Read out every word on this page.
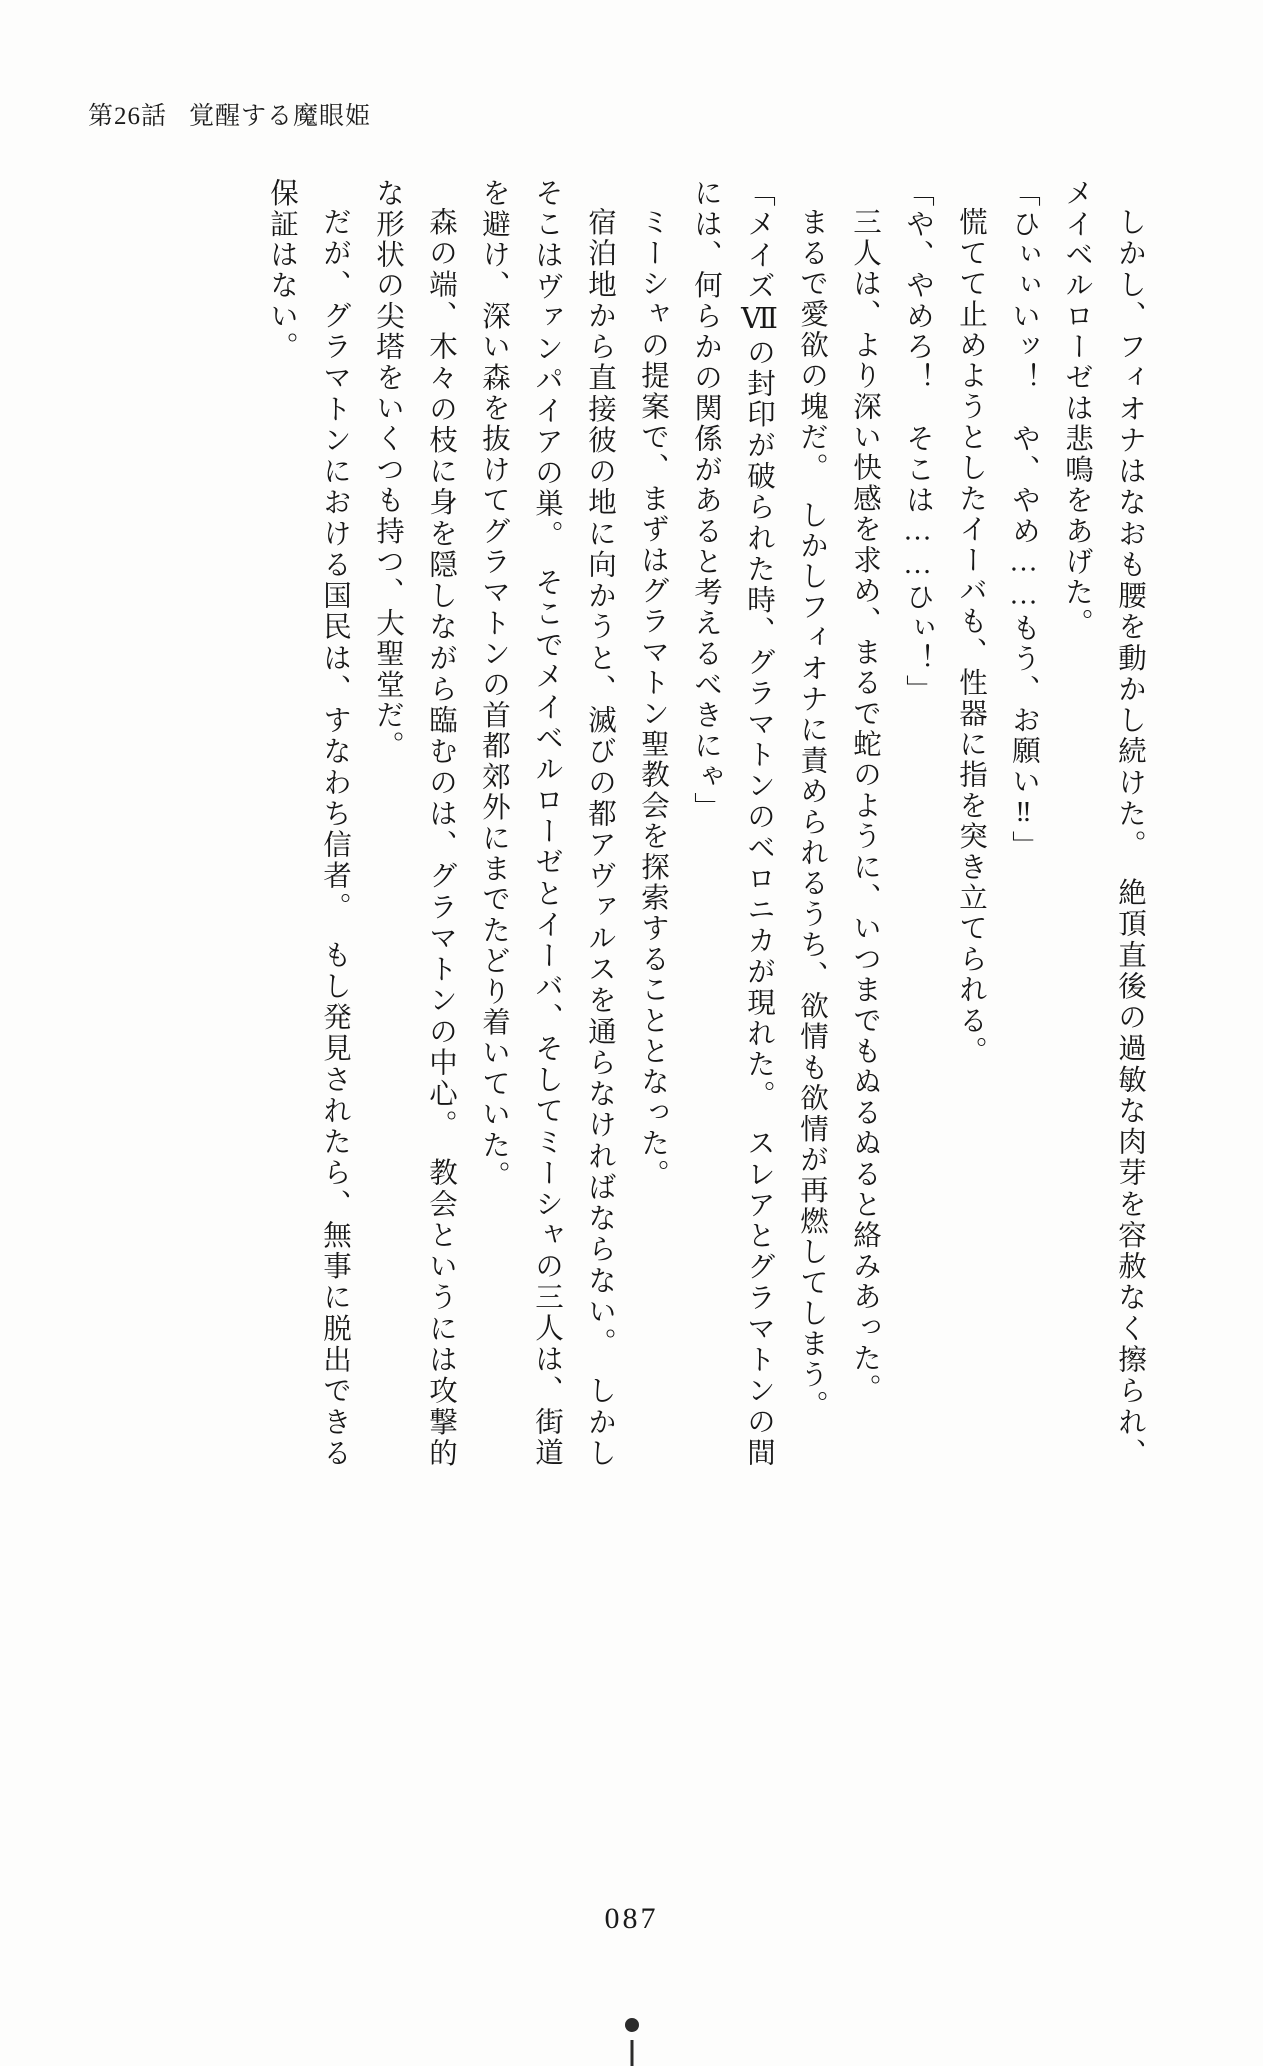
第26話 覚醒する魔眼姫

しかし、フィオナはなおも腰を動かし続けた。　絶頂直後の過敏な肉芽を容赦なく擦られ、メイベルローゼは悲鳴をあげた。

「ひぃぃいッ！　や、やめ……もう、お願い‼」

慌てて止めようとしたイーバも、性器に指を突き立てられる。

「や、やめろ！　そこは……ひぃ！」

三人は、より深い快感を求め、まるで蛇のように、いつまでもぬるぬると絡みあった。

まるで愛欲の塊だ。　しかしフィオナに責められるうち、欲情も欲情が再燃してしまう。

「メイズⅦの封印が破られた時、グラマトンのベロニカが現れた。　スレアとグラマトンの間には、何らかの関係があると考えるべきにゃ」

ミーシャの提案で、まずはグラマトン聖教会を探索することとなった。

宿泊地から直接彼の地に向かうと、滅びの都アヴァルスを通らなければならない。　しかしそこはヴァンパイアの巣。　そこでメイベルローゼとイーバ、そしてミーシャの三人は、街道を避け、深い森を抜けてグラマトンの首都郊外にまでたどり着いていた。

森の端、木々の枝に身を隠しながら臨むのは、グラマトンの中心。　教会というには攻撃的な形状の尖塔をいくつも持つ、大聖堂だ。

だが、グラマトンにおける国民は、すなわち信者。　もし発見されたら、無事に脱出できる保証はない。

087
